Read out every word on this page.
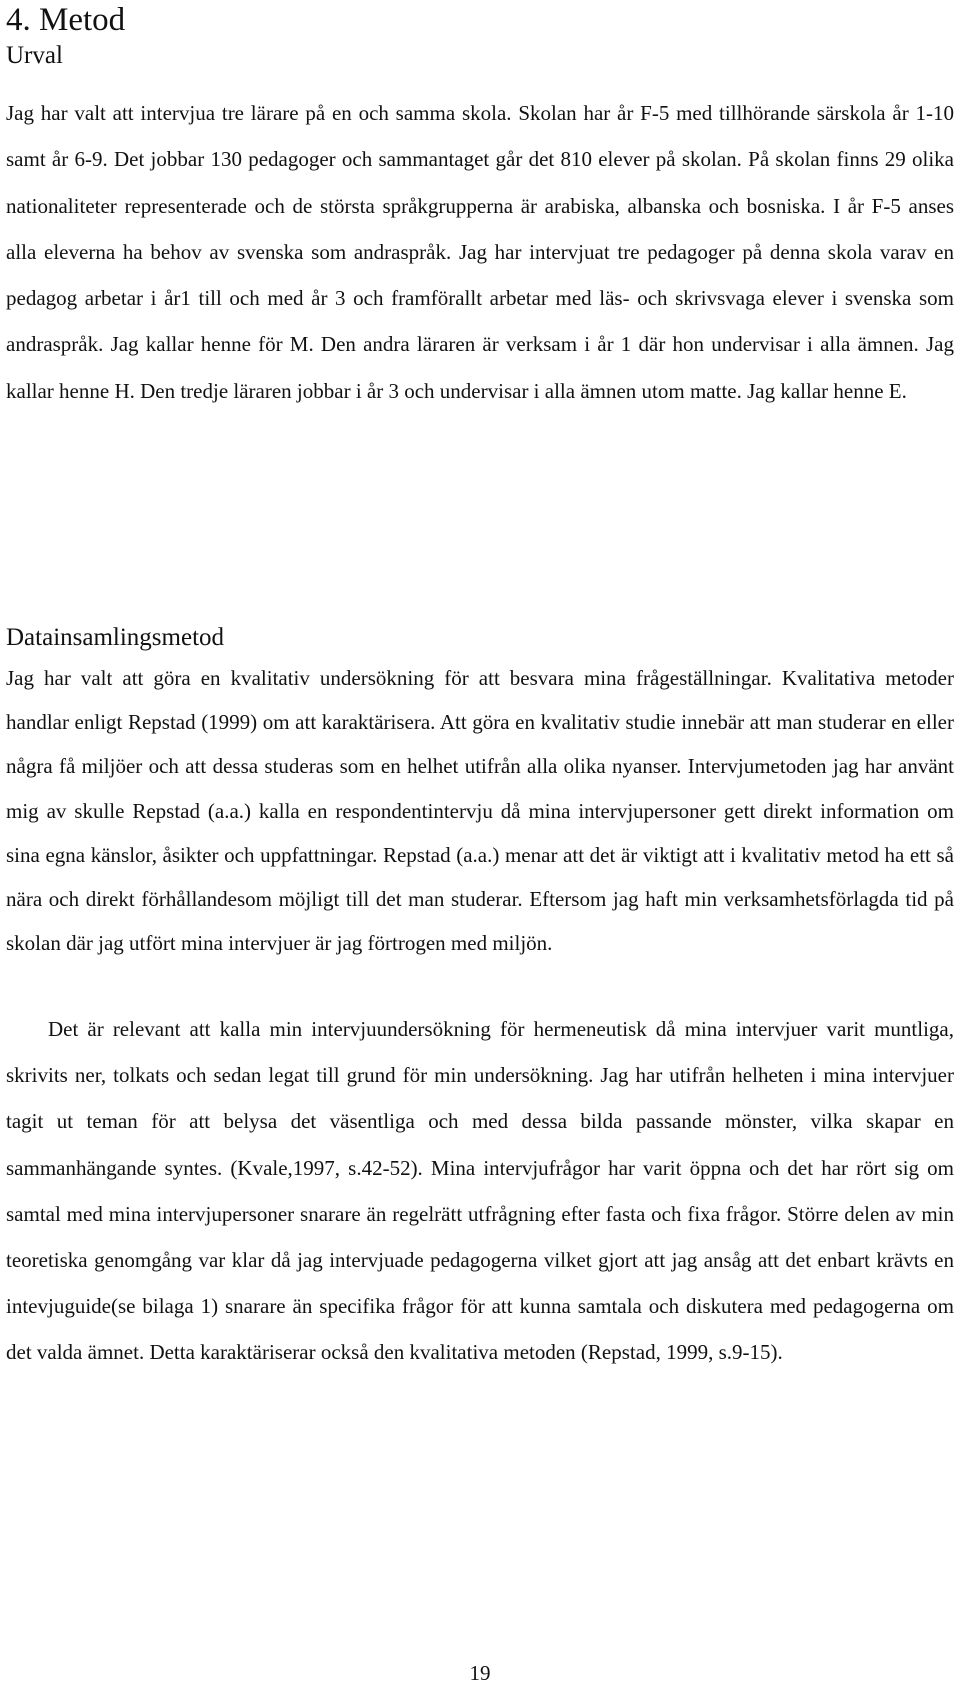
4. Metod
Urval

Jag har valt att intervjua tre lärare på en och samma skola. Skolan har år F-5 med tillhörande särskola år 1-10 samt år 6-9. Det jobbar 130 pedagoger och sammantaget går det 810 elever på skolan. På skolan finns 29 olika nationaliteter representerade och de största språkgrupperna är arabiska, albanska och bosniska. I år F-5 anses alla eleverna ha behov av svenska som andraspråk. Jag har intervjuat tre pedagoger på denna skola varav en pedagog arbetar i år1 till och med år 3 och framförallt arbetar med läs- och skrivsvaga elever i svenska som andraspråk. Jag kallar henne för M. Den andra läraren är verksam i år 1 där hon undervisar i alla ämnen. Jag kallar henne H. Den tredje läraren jobbar i år 3 och undervisar i alla ämnen utom matte. Jag kallar henne E.

Datainsamlingsmetod

Jag har valt att göra en kvalitativ undersökning för att besvara mina frågeställningar. Kvalitativa metoder handlar enligt Repstad (1999) om att karaktärisera. Att göra en kvalitativ studie innebär att man studerar en eller några få miljöer och att dessa studeras som en helhet utifrån alla olika nyanser. Intervjumetoden jag har använt mig av skulle Repstad (a.a.) kalla en respondentintervju då mina intervjupersoner gett direkt information om sina egna känslor, åsikter och uppfattningar. Repstad (a.a.) menar att det är viktigt att i kvalitativ metod ha ett så nära och direkt förhållandesom möjligt till det man studerar. Eftersom jag haft min verksamhetsförlagda tid på skolan där jag utfört mina intervjuer är jag förtrogen med miljön.

Det är relevant att kalla min intervjuundersökning för hermeneutisk då mina intervjuer varit muntliga, skrivits ner, tolkats och sedan legat till grund för min undersökning. Jag har utifrån helheten i mina intervjuer tagit ut teman för att belysa det väsentliga och med dessa bilda passande mönster, vilka skapar en sammanhängande syntes. (Kvale,1997, s.42-52). Mina intervjufrågor har varit öppna och det har rört sig om samtal med mina intervjupersoner snarare än regelrätt utfrågning efter fasta och fixa frågor. Större delen av min teoretiska genomgång var klar då jag intervjuade pedagogerna vilket gjort att jag ansåg att det enbart krävts en intevjuguide(se bilaga 1) snarare än specifika frågor för att kunna samtala och diskutera med pedagogerna om det valda ämnet. Detta karaktäriserar också den kvalitativa metoden (Repstad, 1999, s.9-15).

19
